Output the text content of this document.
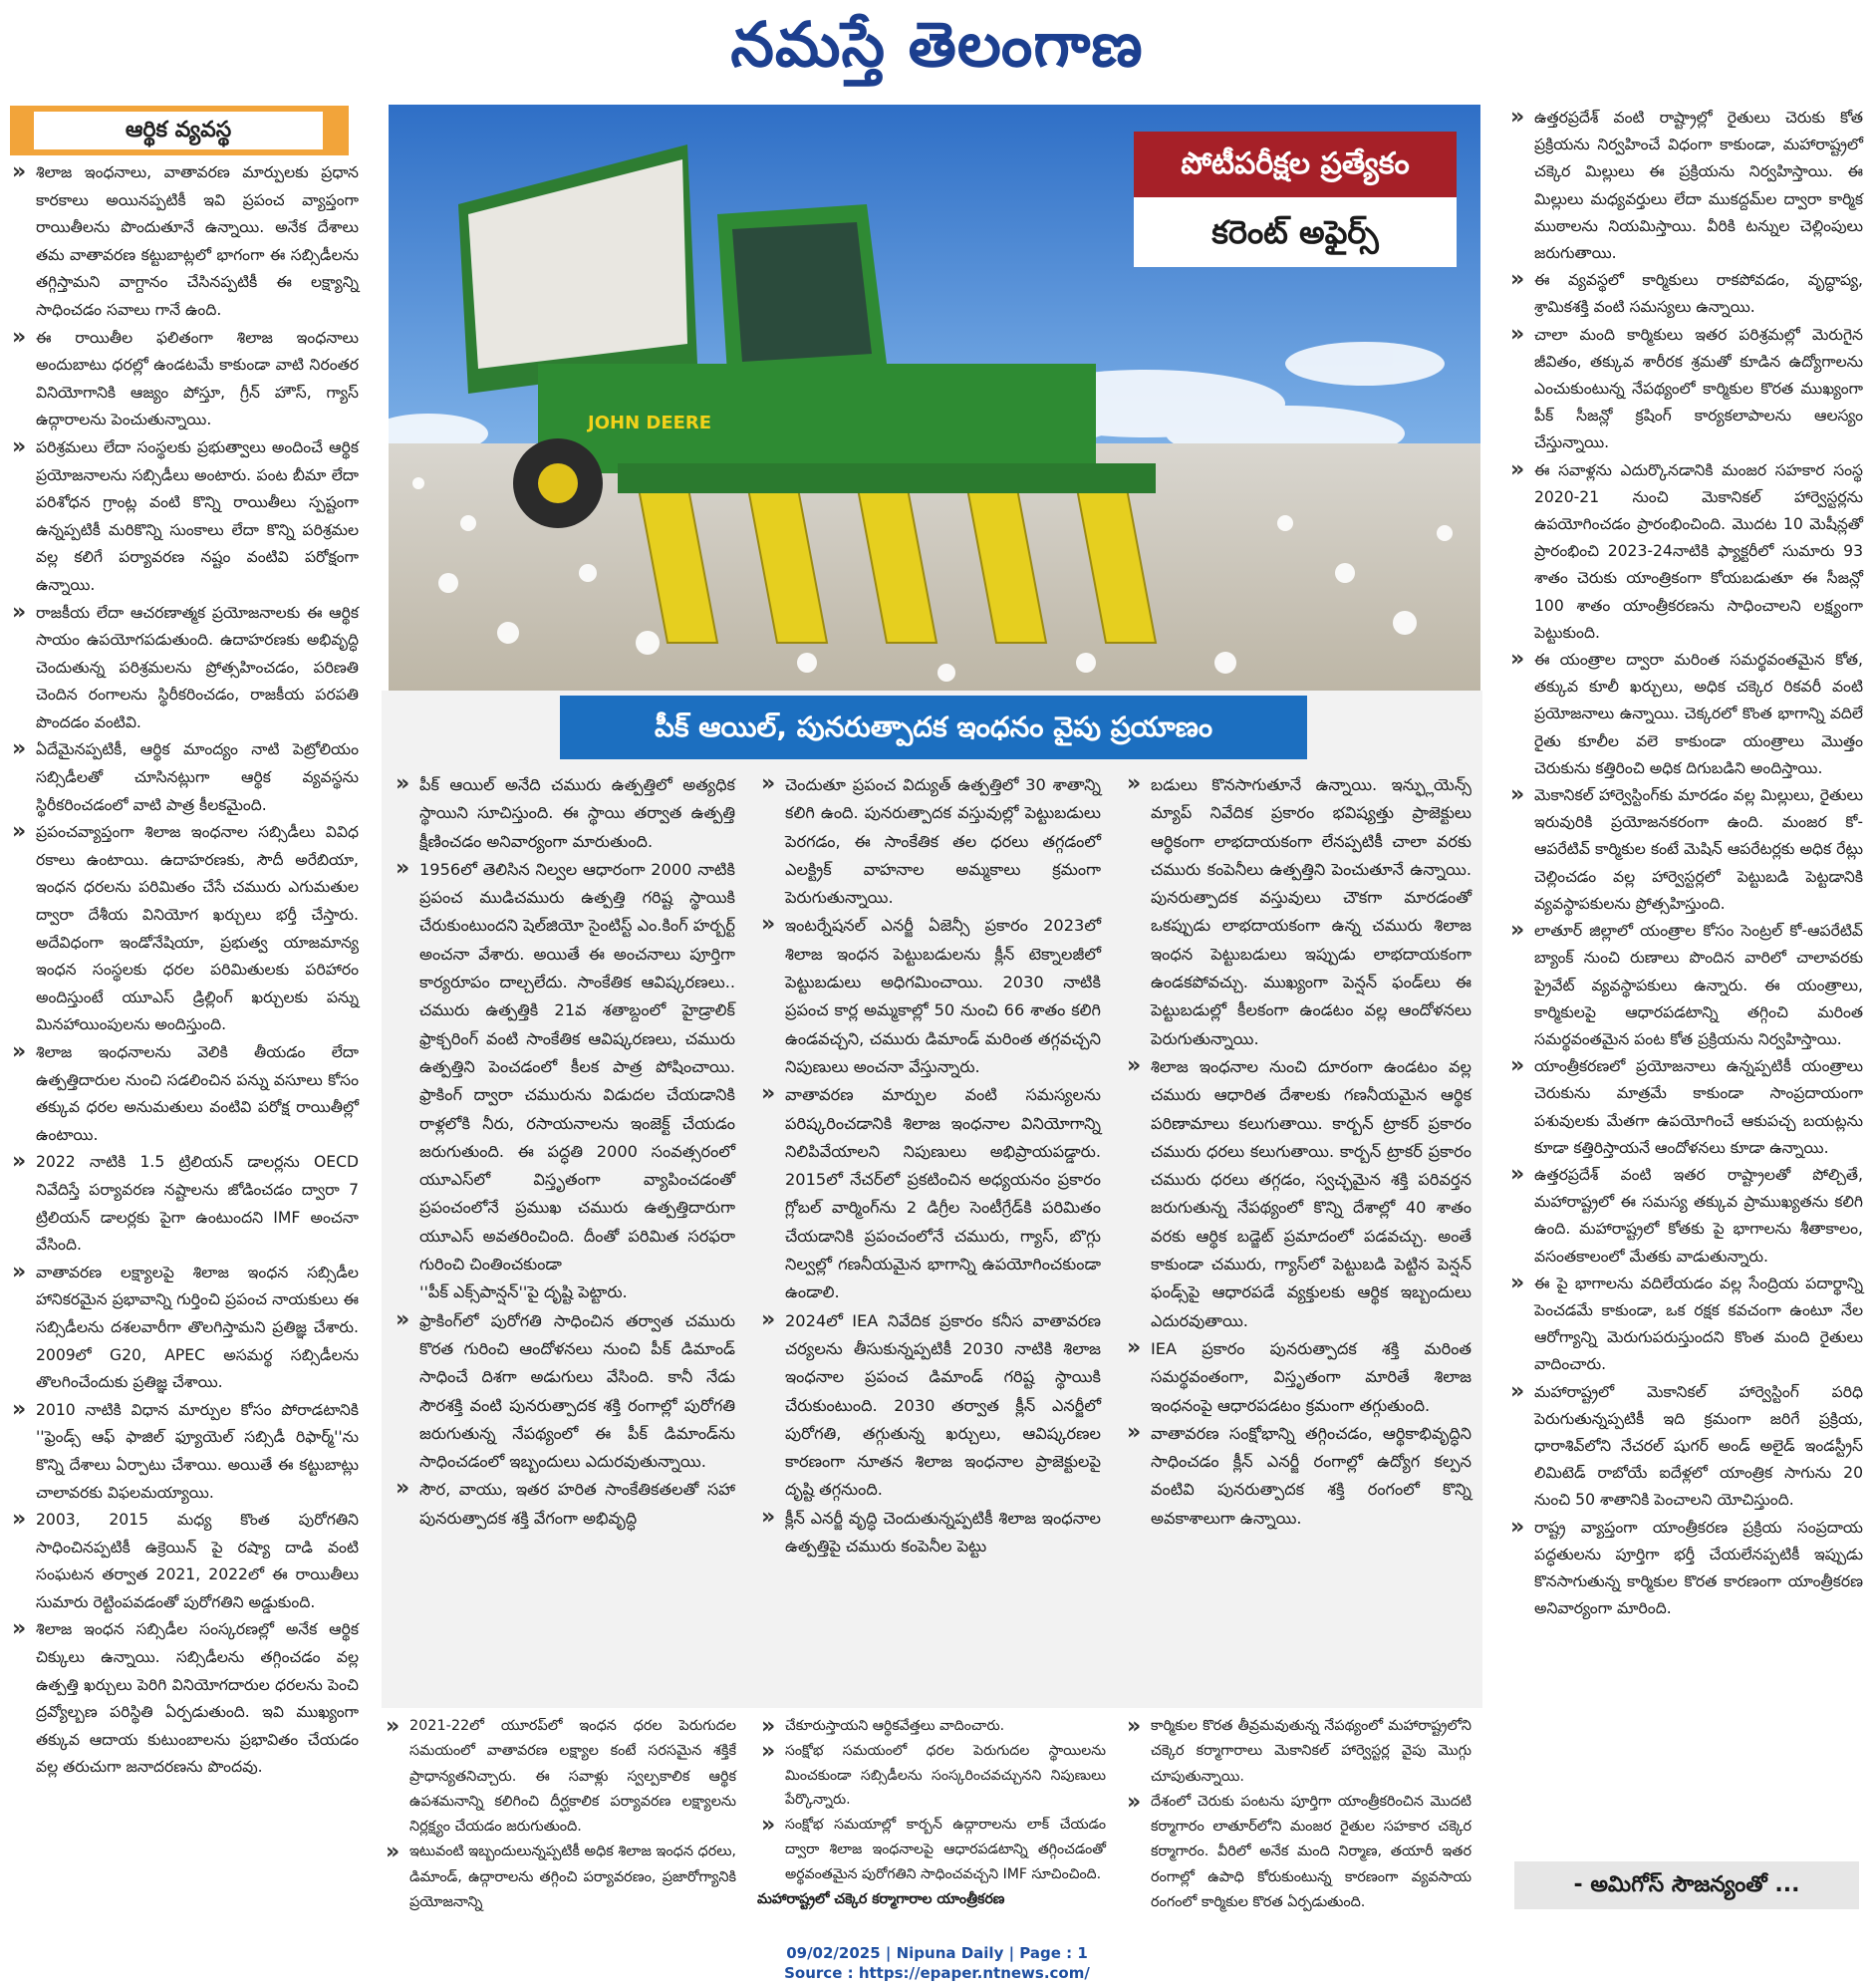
నమస్తే తెలంగాణ
ఆర్థిక వ్యవస్థ

» శిలాజ ఇంధనాలు, వాతావరణ మార్పులకు ప్రధాన కారకాలు అయినప్పటికీ ఇవి ప్రపంచ వ్యాప్తంగా రాయితీలను పొందుతూనే ఉన్నాయి. అనేక దేశాలు తమ వాతావరణ కట్టుబాట్లలో భాగంగా ఈ సబ్సిడీలను తగ్గిస్తామని వాగ్దానం చేసినప్పటికీ ఈ లక్ష్యాన్ని సాధించడం సవాలు గానే ఉంది.

» ఈ రాయితీల ఫలితంగా శిలాజ ఇంధనాలు అందుబాటు ధరల్లో ఉండటమే కాకుండా వాటి నిరంతర వినియోగానికి ఆజ్యం పోస్తూ, గ్రీన్ హౌస్, గ్యాస్ ఉద్గారాలను పెంచుతున్నాయి.

» పరిశ్రమలు లేదా సంస్థలకు ప్రభుత్వాలు అందించే ఆర్థిక ప్రయోజనాలను సబ్సిడీలు అంటారు. పంట బీమా లేదా పరిశోధన గ్రాంట్ల వంటి కొన్ని రాయితీలు స్పష్టంగా ఉన్నప్పటికీ మరికొన్ని సుంకాలు లేదా కొన్ని పరిశ్రమల వల్ల కలిగే పర్యావరణ నష్టం వంటివి పరోక్షంగా ఉన్నాయి.

» రాజకీయ లేదా ఆచరణాత్మక ప్రయోజనాలకు ఈ ఆర్థిక సాయం ఉపయోగపడుతుంది. ఉదాహరణకు అభివృద్ధి చెందుతున్న పరిశ్రమలను ప్రోత్సహించడం, పరిణతి చెందిన రంగాలను స్థిరీకరించడం, రాజకీయ పరపతి పొందడం వంటివి.

» ఏదేమైనప్పటికీ, ఆర్థిక మాంద్యం నాటి పెట్రోలియం సబ్సిడీలతో చూసినట్లుగా ఆర్థిక వ్యవస్థను స్థిరీకరించడంలో వాటి పాత్ర కీలకమైంది.

» ప్రపంచవ్యాప్తంగా శిలాజ ఇంధనాల సబ్సిడీలు వివిధ రకాలు ఉంటాయి. ఉదాహరణకు, సౌదీ అరేబియా, ఇంధన ధరలను పరిమితం చేసే చమురు ఎగుమతుల ద్వారా దేశీయ వినియోగ ఖర్చులు భర్తీ చేస్తారు. అదేవిధంగా ఇండోనేషియా, ప్రభుత్వ యాజమాన్య ఇంధన సంస్థలకు ధరల పరిమితులకు పరిహారం అందిస్తుంటే యూఎస్ డ్రిల్లింగ్ ఖర్చులకు పన్ను మినహాయింపులను అందిస్తుంది.

» శిలాజ ఇంధనాలను వెలికి తీయడం లేదా ఉత్పత్తిదారుల నుంచి సడలించిన పన్ను వసూలు కోసం తక్కువ ధరల అనుమతులు వంటివి పరోక్ష రాయితీల్లో ఉంటాయి.

» 2022 నాటికి 1.5 ట్రిలియన్ డాలర్లను OECD నివేదిస్తే పర్యావరణ నష్టాలను జోడించడం ద్వారా 7 ట్రిలియన్ డాలర్లకు పైగా ఉంటుందని IMF అంచనా వేసింది.

» వాతావరణ లక్ష్యాలపై శిలాజ ఇంధన సబ్సిడీల హానికరమైన ప్రభావాన్ని గుర్తించి ప్రపంచ నాయకులు ఈ సబ్సిడీలను దశలవారీగా తొలగిస్తామని ప్రతిజ్ఞ చేశారు. 2009లో G20, APEC అసమర్థ సబ్సిడీలను తొలగించేందుకు ప్రతిజ్ఞ చేశాయి.

» 2010 నాటికి విధాన మార్పుల కోసం పోరాడటానికి ''ఫ్రెండ్స్ ఆఫ్ ఫాజిల్ ఫ్యూయెల్ సబ్సిడీ రిఫార్మ్''ను కొన్ని దేశాలు ఏర్పాటు చేశాయి. అయితే ఈ కట్టుబాట్లు చాలావరకు విఫలమయ్యాయి.

» 2003, 2015 మధ్య కొంత పురోగతిని సాధించినప్పటికీ ఉక్రెయిన్ పై రష్యా దాడి వంటి సంఘటన తర్వాత 2021, 2022లో ఈ రాయితీలు సుమారు రెట్టింపవడంతో పురోగతిని అడ్డుకుంది.

» శిలాజ ఇంధన సబ్సిడీల సంస్కరణల్లో అనేక ఆర్థిక చిక్కులు ఉన్నాయి. సబ్సిడీలను తగ్గించడం వల్ల ఉత్పత్తి ఖర్చులు పెరిగి వినియోగదారుల ధరలను పెంచి ద్రవ్యోల్బణ పరిస్థితి ఏర్పడుతుంది. ఇవి ముఖ్యంగా తక్కువ ఆదాయ కుటుంబాలను ప్రభావితం చేయడం వల్ల తరుచుగా జనాదరణను పొందవు.

JOHN DEERE
పోటీపరీక్షల ప్రత్యేకం
కరెంట్ అఫైర్స్
పీక్ ఆయిల్, పునరుత్పాదక ఇంధనం వైపు ప్రయాణం

» పీక్ ఆయిల్ అనేది చమురు ఉత్పత్తిలో అత్యధిక స్థాయిని సూచిస్తుంది. ఈ స్థాయి తర్వాత ఉత్పత్తి క్షీణించడం అనివార్యంగా మారుతుంది.

» 1956లో తెలిసిన నిల్వల ఆధారంగా 2000 నాటికి ప్రపంచ ముడిచమురు ఉత్పత్తి గరిష్ట స్థాయికి చేరుకుంటుందని షెల్‌జియో సైంటిస్ట్ ఎం.కింగ్ హర్బర్ట్ అంచనా వేశారు. అయితే ఈ అంచనాలు పూర్తిగా కార్యరూపం దాల్చలేదు. సాంకేతిక ఆవిష్కరణలు.. చమురు ఉత్పత్తికి 21వ శతాబ్దంలో హైడ్రాలిక్ ఫ్రాక్చరింగ్ వంటి సాంకేతిక ఆవిష్కరణలు, చమురు ఉత్పత్తిని పెంచడంలో కీలక పాత్ర పోషించాయి. ఫ్రాకింగ్ ద్వారా చమురును విడుదల చేయడానికి రాళ్లలోకి నీరు, రసాయనాలను ఇంజెక్ట్ చేయడం జరుగుతుంది. ఈ పద్ధతి 2000 సంవత్సరంలో యూఎస్‌లో విస్తృతంగా వ్యాపించడంతో ప్రపంచంలోనే ప్రముఖ చమురు ఉత్పత్తిదారుగా యూఎస్ అవతరించింది. దీంతో పరిమిత సరఫరా గురించి చింతించకుండా

''పీక్ ఎక్స్‌పాన్షన్''పై దృష్టి పెట్టారు.

» ఫ్రాకింగ్‌లో పురోగతి సాధించిన తర్వాత చమురు కొరత గురించి ఆందోళనలు నుంచి పీక్ డిమాండ్ సాధించే దిశగా అడుగులు వేసింది. కానీ నేడు సౌరశక్తి వంటి పునరుత్పాదక శక్తి రంగాల్లో పురోగతి జరుగుతున్న నేపథ్యంలో ఈ పీక్ డిమాండ్‌ను సాధించడంలో ఇబ్బందులు ఎదురవుతున్నాయి.

» సౌర, వాయు, ఇతర హరిత సాంకేతికతలతో సహా పునరుత్పాదక శక్తి వేగంగా అభివృద్ధి

» చెందుతూ ప్రపంచ విద్యుత్ ఉత్పత్తిలో 30 శాతాన్ని కలిగి ఉంది. పునరుత్పాదక వస్తువుల్లో పెట్టుబడులు పెరగడం, ఈ సాంకేతిక తల ధరలు తగ్గడంలో ఎలక్ట్రిక్ వాహనాల అమ్మకాలు క్రమంగా పెరుగుతున్నాయి.

» ఇంటర్నేషనల్ ఎనర్జీ ఏజెన్సీ ప్రకారం 2023లో శిలాజ ఇంధన పెట్టుబడులను క్లీన్ టెక్నాలజీలో పెట్టుబడులు అధిగమించాయి. 2030 నాటికి ప్రపంచ కార్ల అమ్మకాల్లో 50 నుంచి 66 శాతం కలిగి ఉండవచ్చని, చమురు డిమాండ్ మరింత తగ్గవచ్చని నిపుణులు అంచనా వేస్తున్నారు.

» వాతావరణ మార్పుల వంటి సమస్యలను పరిష్కరించడానికి శిలాజ ఇంధనాల వినియోగాన్ని నిలిపివేయాలని నిపుణులు అభిప్రాయపడ్డారు. 2015లో నేచర్‌లో ప్రకటించిన అధ్యయనం ప్రకారం గ్లోబల్ వార్మింగ్‌ను 2 డిగ్రీల సెంటీగ్రేడ్‌కి పరిమితం చేయడానికి ప్రపంచంలోనే చమురు, గ్యాస్, బొగ్గు నిల్వల్లో గణనీయమైన భాగాన్ని ఉపయోగించకుండా ఉండాలి.

» 2024లో IEA నివేదిక ప్రకారం కనీస వాతావరణ చర్యలను తీసుకున్నప్పటికీ 2030 నాటికి శిలాజ ఇంధనాల ప్రపంచ డిమాండ్ గరిష్ట స్థాయికి చేరుకుంటుంది. 2030 తర్వాత క్లీన్ ఎనర్జీలో పురోగతి, తగ్గుతున్న ఖర్చులు, ఆవిష్కరణల కారణంగా నూతన శిలాజ ఇంధనాల ప్రాజెక్టులపై దృష్టి తగ్గనుంది.

» క్లీన్ ఎనర్జీ వృద్ధి చెందుతున్నప్పటికీ శిలాజ ఇంధనాల ఉత్పత్తిపై చమురు కంపెనీల పెట్టు

» బడులు కొనసాగుతూనే ఉన్నాయి. ఇన్ఫ్లుయెన్స్ మ్యాప్ నివేదిక ప్రకారం భవిష్యత్తు ప్రాజెక్టులు ఆర్థికంగా లాభదాయకంగా లేనప్పటికీ చాలా వరకు చమురు కంపెనీలు ఉత్పత్తిని పెంచుతూనే ఉన్నాయి. పునరుత్పాదక వస్తువులు చౌకగా మారడంతో ఒకప్పుడు లాభదాయకంగా ఉన్న చమురు శిలాజ ఇంధన పెట్టుబడులు ఇప్పుడు లాభదాయకంగా ఉండకపోవచ్చు. ముఖ్యంగా పెన్షన్ ఫండ్‌లు ఈ పెట్టుబడుల్లో కీలకంగా ఉండటం వల్ల ఆందోళనలు పెరుగుతున్నాయి.

» శిలాజ ఇంధనాల నుంచి దూరంగా ఉండటం వల్ల చమురు ఆధారిత దేశాలకు గణనీయమైన ఆర్థిక పరిణామాలు కలుగుతాయి. కార్బన్ ట్రాకర్ ప్రకారం చమురు ధరలు కలుగుతాయి. కార్బన్ ట్రాకర్ ప్రకారం చమురు ధరలు తగ్గడం, స్వచ్ఛమైన శక్తి పరివర్తన జరుగుతున్న నేపథ్యంలో కొన్ని దేశాల్లో 40 శాతం వరకు ఆర్థిక బడ్జెట్ ప్రమాదంలో పడవచ్చు. అంతే కాకుండా చమురు, గ్యాస్‌లో పెట్టుబడి పెట్టిన పెన్షన్ ఫండ్స్‌పై ఆధారపడే వ్యక్తులకు ఆర్థిక ఇబ్బందులు ఎదురవుతాయి.

» IEA ప్రకారం పునరుత్పాదక శక్తి మరింత సమర్థవంతంగా, విస్తృతంగా మారితే శిలాజ ఇంధనంపై ఆధారపడటం క్రమంగా తగ్గుతుంది.

» వాతావరణ సంక్షోభాన్ని తగ్గించడం, ఆర్థికాభివృద్ధిని సాధించడం క్లీన్ ఎనర్జీ రంగాల్లో ఉద్యోగ కల్పన వంటివి పునరుత్పాదక శక్తి రంగంలో కొన్ని అవకాశాలుగా ఉన్నాయి.

» 2021-22లో యూరప్‌లో ఇంధన ధరల పెరుగుదల సమయంలో వాతావరణ లక్ష్యాల కంటే సరసమైన శక్తికే ప్రాధాన్యతనిచ్చారు. ఈ సవాళ్లు స్వల్పకాలిక ఆర్థిక ఉపశమనాన్ని కలిగించి దీర్ఘకాలిక పర్యావరణ లక్ష్యాలను నిర్లక్ష్యం చేయడం జరుగుతుంది.

» ఇటువంటి ఇబ్బందులున్నప్పటికీ అధిక శిలాజ ఇంధన ధరలు, డిమాండ్, ఉద్గారాలను తగ్గించి పర్యావరణం, ప్రజారోగ్యానికి ప్రయోజనాన్ని

» చేకూరుస్తాయని ఆర్థికవేత్తలు వాదించారు.

» సంక్షోభ సమయంలో ధరల పెరుగుదల స్థాయిలను మించకుండా సబ్సిడీలను సంస్కరించవచ్చునని నిపుణులు పేర్కొన్నారు.

» సంక్షోభ సమయాల్లో కార్బన్ ఉద్గారాలను లాక్ చేయడం ద్వారా శిలాజ ఇంధనాలపై ఆధారపడటాన్ని తగ్గించడంతో అర్థవంతమైన పురోగతిని సాధించవచ్చని IMF సూచించింది.

మహారాష్ట్రలో చక్కెర కర్మాగారాల యాంత్రీకరణ

» కార్మికుల కొరత తీవ్రమవుతున్న నేపథ్యంలో మహారాష్ట్రలోని చక్కెర కర్మాగారాలు మెకానికల్ హార్వెస్టర్ల వైపు మొగ్గు చూపుతున్నాయి.

» దేశంలో చెరుకు పంటను పూర్తిగా యాంత్రీకరించిన మొదటి కర్మాగారం లాతూర్‌లోని మంజర రైతుల సహకార చక్కెర కర్మాగారం. వీరిలో అనేక మంది నిర్మాణ, తయారీ ఇతర రంగాల్లో ఉపాధి కోరుకుంటున్న కారణంగా వ్యవసాయ రంగంలో కార్మికుల కొరత ఏర్పడుతుంది.

» ఉత్తరప్రదేశ్ వంటి రాష్ట్రాల్లో రైతులు చెరుకు కోత ప్రక్రియను నిర్వహించే విధంగా కాకుండా, మహారాష్ట్రలో చక్కెర మిల్లులు ఈ ప్రక్రియను నిర్వహిస్తాయి. ఈ మిల్లులు మధ్యవర్తులు లేదా ముకద్దమ్‌ల ద్వారా కార్మిక ముఠాలను నియమిస్తాయి. వీరికి టన్నుల చెల్లింపులు జరుగుతాయి.

» ఈ వ్యవస్థలో కార్మికులు రాకపోవడం, వృద్ధాప్య, శ్రామికశక్తి వంటి సమస్యలు ఉన్నాయి.

» చాలా మంది కార్మికులు ఇతర పరిశ్రమల్లో మెరుగైన జీవితం, తక్కువ శారీరక శ్రమతో కూడిన ఉద్యోగాలను ఎంచుకుంటున్న నేపథ్యంలో కార్మికుల కొరత ముఖ్యంగా పీక్ సీజన్లో క్రషింగ్ కార్యకలాపాలను ఆలస్యం చేస్తున్నాయి.

» ఈ సవాళ్లను ఎదుర్కొనడానికి మంజర సహకార సంస్థ 2020-21 నుంచి మెకానికల్ హార్వెస్టర్లను ఉపయోగించడం ప్రారంభించింది. మొదట 10 మెషీన్లతో ప్రారంభించి 2023-24నాటికి ఫ్యాక్టరీలో సుమారు 93 శాతం చెరుకు యాంత్రికంగా కోయబడుతూ ఈ సీజన్లో 100 శాతం యాంత్రీకరణను సాధించాలని లక్ష్యంగా పెట్టుకుంది.

» ఈ యంత్రాల ద్వారా మరింత సమర్థవంతమైన కోత, తక్కువ కూలీ ఖర్చులు, అధిక చక్కెర రికవరీ వంటి ప్రయోజనాలు ఉన్నాయి. చెక్కరలో కొంత భాగాన్ని వదిలే రైతు కూలీల వలె కాకుండా యంత్రాలు మొత్తం చెరుకును కత్తిరించి అధిక దిగుబడిని అందిస్తాయి.

» మెకానికల్ హార్వెస్టింగ్‌కు మారడం వల్ల మిల్లులు, రైతులు ఇరువురికి ప్రయోజనకరంగా ఉంది. మంజర కో-ఆపరేటివ్ కార్మికుల కంటే మెషిన్ ఆపరేటర్లకు అధిక రేట్లు చెల్లించడం వల్ల హార్వెస్టర్లలో పెట్టుబడి పెట్టడానికి వ్యవస్థాపకులను ప్రోత్సహిస్తుంది.

» లాతూర్ జిల్లాలో యంత్రాల కోసం సెంట్రల్ కో-ఆపరేటివ్ బ్యాంక్ నుంచి రుణాలు పొందిన వారిలో చాలావరకు ప్రైవేట్ వ్యవస్థాపకులు ఉన్నారు. ఈ యంత్రాలు, కార్మికులపై ఆధారపడటాన్ని తగ్గించి మరింత సమర్థవంతమైన పంట కోత ప్రక్రియను నిర్వహిస్తాయి.

» యాంత్రీకరణలో ప్రయోజనాలు ఉన్నప్పటికీ యంత్రాలు చెరుకును మాత్రమే కాకుండా సాంప్రదాయంగా పశువులకు మేతగా ఉపయోగించే ఆకుపచ్చ బయట్లను కూడా కత్తిరిస్తాయనే ఆందోళనలు కూడా ఉన్నాయి.

» ఉత్తరప్రదేశ్ వంటి ఇతర రాష్ట్రాలతో పోల్చితే, మహారాష్ట్రలో ఈ సమస్య తక్కువ ప్రాముఖ్యతను కలిగి ఉంది. మహారాష్ట్రలో కోతకు పై భాగాలను శీతాకాలం, వసంతకాలంలో మేతకు వాడుతున్నారు.

» ఈ పై భాగాలను వదిలేయడం వల్ల సేంద్రియ పదార్థాన్ని పెంచడమే కాకుండా, ఒక రక్షక కవచంగా ఉంటూ నేల ఆరోగ్యాన్ని మెరుగుపరుస్తుందని కొంత మంది రైతులు వాదించారు.

» మహారాష్ట్రలో మెకానికల్ హార్వెస్టింగ్ పరిధి పెరుగుతున్నప్పటికీ ఇది క్రమంగా జరిగే ప్రక్రియ, ధారాశివ్‌లోని నేచరల్ షుగర్ అండ్ అలైడ్ ఇండస్ట్రీస్ లిమిటెడ్ రాబోయే ఐదేళ్లలో యాంత్రిక సాగును 20 నుంచి 50 శాతానికి పెంచాలని యోచిస్తుంది.

» రాష్ట్ర వ్యాప్తంగా యాంత్రీకరణ ప్రక్రియ సంప్రదాయ పద్ధతులను పూర్తిగా భర్తీ చేయలేనప్పటికీ ఇప్పుడు కొనసాగుతున్న కార్మికుల కొరత కారణంగా యాంత్రీకరణ అనివార్యంగా మారింది.

- అమిగోస్ సౌజన్యంతో ...
09/02/2025 | Nipuna Daily | Page : 1
Source : https://epaper.ntnews.com/
